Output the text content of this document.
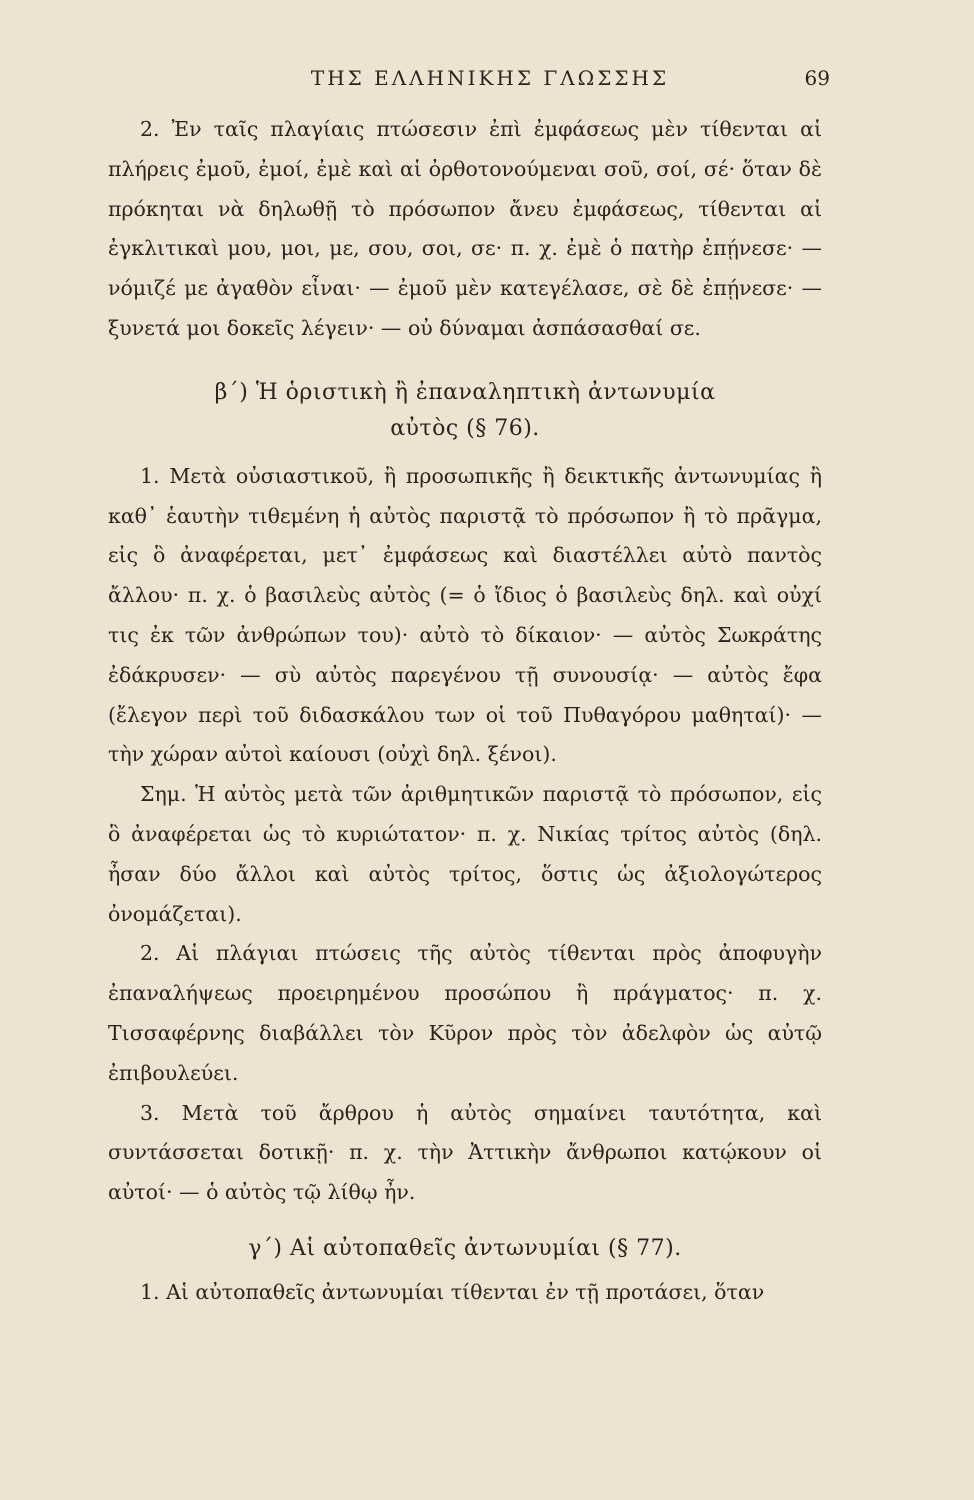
ΤΗΣ ΕΛΛΗΝΙΚΗΣ ΓΛΩΣΣΗΣ	69

2. Ἐν ταῖς πλαγίαις πτώσεσιν ἐπὶ ἐμφάσεως μὲν τίθενται αἱ πλήρεις ἐμοῦ, ἐμοί, ἐμὲ καὶ αἱ ὀρθοτονούμεναι σοῦ, σοί, σέ· ὅταν δὲ πρόκηται νὰ δηλωθῇ τὸ πρόσωπον ἄνευ ἐμφάσεως, τίθενται αἱ ἐγκλιτικαὶ μου, μοι, με, σου, σοι, σε· π. χ. ἐμὲ ὁ πατὴρ ἐπῄνεσε· — νόμιζέ με ἀγαθὸν εἶναι· — ἐμοῦ μὲν κατεγέλασε, σὲ δὲ ἐπῄνεσε· — ξυνετά μοι δοκεῖς λέγειν· — οὐ δύναμαι ἀσπάσασθαί σε.

β΄) Ἡ ὁριστικὴ ἢ ἐπαναληπτικὴ ἀντωνυμία
αὐτὸς (§ 76).

1. Μετὰ οὐσιαστικοῦ, ἢ προσωπικῆς ἢ δεικτικῆς ἀντωνυμίας ἢ καθ᾽ ἑαυτὴν τιθεμένη ἡ αὐτὸς παριστᾷ τὸ πρόσωπον ἢ τὸ πρᾶγμα, εἰς ὃ ἀναφέρεται, μετ᾽ ἐμφάσεως καὶ διαστέλλει αὐτὸ παντὸς ἄλλου· π. χ. ὁ βασιλεὺς αὐτὸς (= ὁ ἴδιος ὁ βασιλεὺς δηλ. καὶ οὐχί τις ἐκ τῶν ἀνθρώπων του)· αὐτὸ τὸ δίκαιον· — αὐτὸς Σωκράτης ἐδάκρυσεν· — σὺ αὐτὸς παρεγένου τῇ συνουσίᾳ· — αὐτὸς ἔφα (ἔλεγον περὶ τοῦ διδασκάλου των οἱ τοῦ Πυθαγόρου μαθηταί)· — τὴν χώραν αὐτοὶ καίουσι (οὐχὶ δηλ. ξένοι).

Σημ. Ἡ αὐτὸς μετὰ τῶν ἀριθμητικῶν παριστᾷ τὸ πρόσωπον, εἰς ὃ ἀναφέρεται ὡς τὸ κυριώτατον· π. χ. Νικίας τρίτος αὐτὸς (δηλ. ἦσαν δύο ἄλλοι καὶ αὐτὸς τρίτος, ὅστις ὡς ἀξιολογώτερος ὀνομάζεται).

2. Αἱ πλάγιαι πτώσεις τῆς αὐτὸς τίθενται πρὸς ἀποφυγὴν ἐπαναλήψεως προειρημένου προσώπου ἢ πράγματος· π. χ. Τισσαφέρνης διαβάλλει τὸν Κῦρον πρὸς τὸν ἀδελφὸν ὡς αὐτῷ ἐπιβουλεύει.

3. Μετὰ τοῦ ἄρθρου ἡ αὐτὸς σημαίνει ταυτότητα, καὶ συντάσσεται δοτικῇ· π. χ. τὴν Ἀττικὴν ἄνθρωποι κατῴκουν οἱ αὐτοί· — ὁ αὐτὸς τῷ λίθῳ ἦν.

γ΄) Αἱ αὐτοπαθεῖς ἀντωνυμίαι (§ 77).

1. Αἱ αὐτοπαθεῖς ἀντωνυμίαι τίθενται ἐν τῇ προτάσει, ὅταν
